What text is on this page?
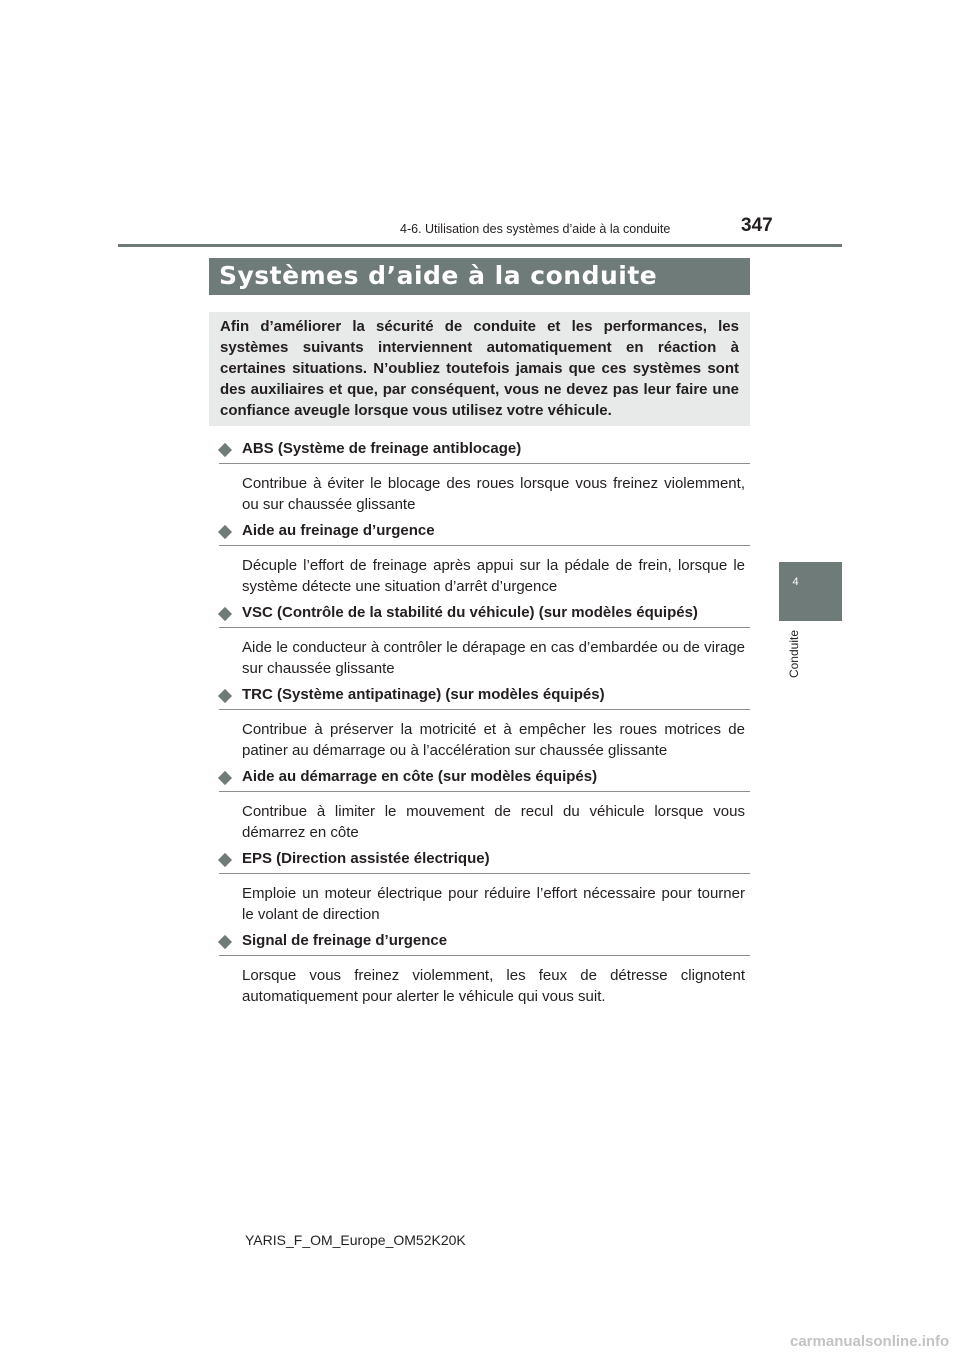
4-6. Utilisation des systèmes d’aide à la conduite	347
4
Conduite
Systèmes d’aide à la conduite

Afin d’améliorer la sécurité de conduite et les performances, les systèmes suivants interviennent automatiquement en réaction à certaines situations. N’oubliez toutefois jamais que ces systèmes sont des auxiliaires et que, par conséquent, vous ne devez pas leur faire une confiance aveugle lorsque vous utilisez votre véhicule.

ABS (Système de freinage antiblocage)

Contribue à éviter le blocage des roues lorsque vous freinez violemment, ou sur chaussée glissante

Aide au freinage d’urgence

Décuple l’effort de freinage après appui sur la pédale de frein, lorsque le système détecte une situation d’arrêt d’urgence

VSC (Contrôle de la stabilité du véhicule) (sur modèles équipés)

Aide le conducteur à contrôler le dérapage en cas d’embardée ou de virage sur chaussée glissante

TRC (Système antipatinage) (sur modèles équipés)

Contribue à préserver la motricité et à empêcher les roues motrices de patiner au démarrage ou à l’accélération sur chaussée glissante

Aide au démarrage en côte (sur modèles équipés)

Contribue à limiter le mouvement de recul du véhicule lorsque vous démarrez en côte

EPS (Direction assistée électrique)

Emploie un moteur électrique pour réduire l’effort nécessaire pour tourner le volant de direction

Signal de freinage d’urgence

Lorsque vous freinez violemment, les feux de détresse clignotent automatiquement pour alerter le véhicule qui vous suit.

YARIS_F_OM_Europe_OM52K20K
carmanualsonline.info
